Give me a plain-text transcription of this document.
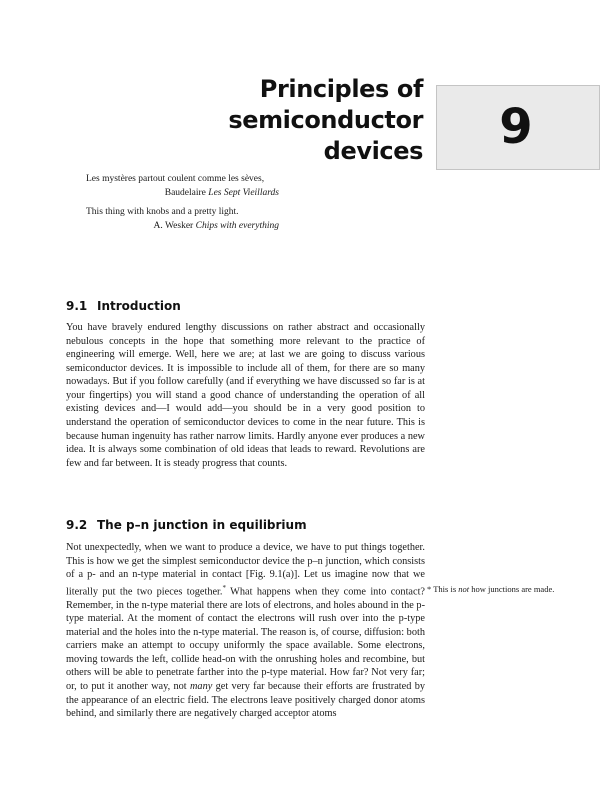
Principles of semiconductor
devices 9
Les mystères partout coulent comme les sèves,
Baudelaire Les Sept Vieillards
This thing with knobs and a pretty light.
A. Wesker Chips with everything
9.1 Introduction

You have bravely endured lengthy discussions on rather abstract and occasionally nebulous concepts in the hope that something more relevant to the practice of engineering will emerge. Well, here we are; at last we are going to discuss various semiconductor devices. It is impossible to include all of them, for there are so many nowadays. But if you follow carefully (and if everything we have discussed so far is at your fingertips) you will stand a good chance of understanding the operation of all existing devices and—I would add—you should be in a very good position to understand the operation of semiconductor devices to come in the near future. This is because human ingenuity has rather narrow limits. Hardly anyone ever produces a new idea. It is always some combination of old ideas that leads to reward. Revolutions are few and far between. It is steady progress that counts.

9.2 The p–n junction in equilibrium

Not unexpectedly, when we want to produce a device, we have to put things together. This is how we get the simplest semiconductor device the p–n junction, which consists of a p- and an n-type material in contact [Fig. 9.1(a)]. Let us imagine now that we literally put the two pieces together.* What happens when they come into contact? Remember, in the n-type material there are lots of electrons, and holes abound in the p-type material. At the moment of contact the electrons will rush over into the p-type material and the holes into the n-type material. The reason is, of course, diffusion: both carriers make an attempt to occupy uniformly the space available. Some electrons, moving towards the left, collide head-on with the onrushing holes and recombine, but others will be able to penetrate farther into the p-type material. How far? Not very far; or, to put it another way, not many get very far because their efforts are frustrated by the appearance of an electric field. The electrons leave positively charged donor atoms behind, and similarly there are negatively charged acceptor atoms

* This is not how junctions are made.
